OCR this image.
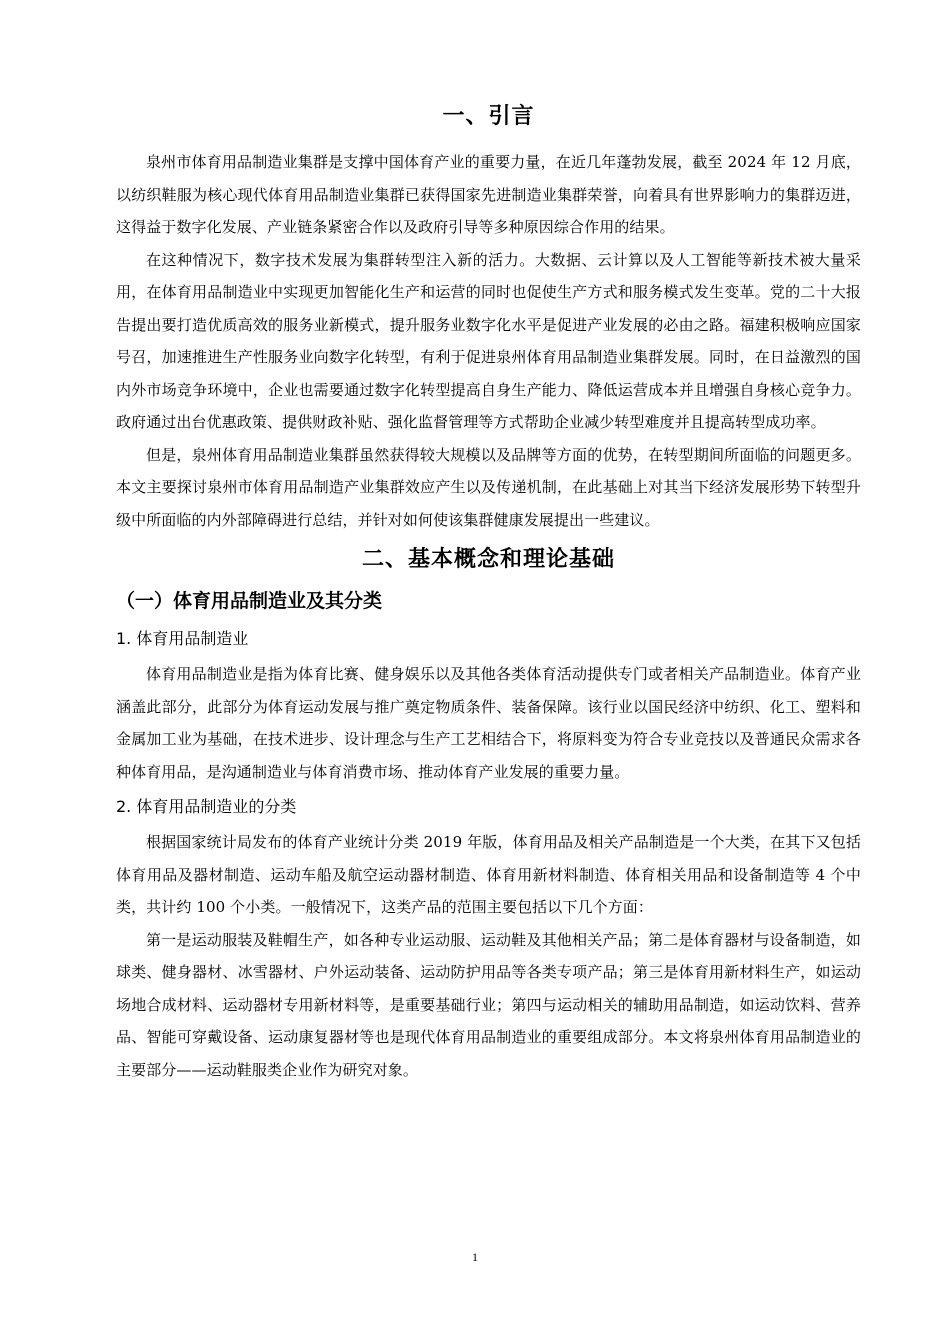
一、引言

泉州市体育用品制造业集群是支撑中国体育产业的重要力量，在近几年蓬勃发展，截至 2024 年 12 月底，以纺织鞋服为核心现代体育用品制造业集群已获得国家先进制造业集群荣誉，向着具有世界影响力的集群迈进，这得益于数字化发展、产业链条紧密合作以及政府引导等多种原因综合作用的结果。

在这种情况下，数字技术发展为集群转型注入新的活力。大数据、云计算以及人工智能等新技术被大量采用，在体育用品制造业中实现更加智能化生产和运营的同时也促使生产方式和服务模式发生变革。党的二十大报告提出要打造优质高效的服务业新模式，提升服务业数字化水平是促进产业发展的必由之路。福建积极响应国家号召，加速推进生产性服务业向数字化转型，有利于促进泉州体育用品制造业集群发展。同时，在日益激烈的国内外市场竞争环境中，企业也需要通过数字化转型提高自身生产能力、降低运营成本并且增强自身核心竞争力。政府通过出台优惠政策、提供财政补贴、强化监督管理等方式帮助企业减少转型难度并且提高转型成功率。

但是，泉州体育用品制造业集群虽然获得较大规模以及品牌等方面的优势，在转型期间所面临的问题更多。本文主要探讨泉州市体育用品制造产业集群效应产生以及传递机制，在此基础上对其当下经济发展形势下转型升级中所面临的内外部障碍进行总结，并针对如何使该集群健康发展提出一些建议。

二、基本概念和理论基础
（一）体育用品制造业及其分类
1. 体育用品制造业

体育用品制造业是指为体育比赛、健身娱乐以及其他各类体育活动提供专门或者相关产品制造业。体育产业涵盖此部分，此部分为体育运动发展与推广奠定物质条件、装备保障。该行业以国民经济中纺织、化工、塑料和金属加工业为基础，在技术进步、设计理念与生产工艺相结合下，将原料变为符合专业竞技以及普通民众需求各种体育用品，是沟通制造业与体育消费市场、推动体育产业发展的重要力量。

2. 体育用品制造业的分类

根据国家统计局发布的体育产业统计分类 2019 年版，体育用品及相关产品制造是一个大类，在其下又包括体育用品及器材制造、运动车船及航空运动器材制造、体育用新材料制造、体育相关用品和设备制造等 4 个中类，共计约 100 个小类。一般情况下，这类产品的范围主要包括以下几个方面：

第一是运动服装及鞋帽生产，如各种专业运动服、运动鞋及其他相关产品；第二是体育器材与设备制造，如球类、健身器材、冰雪器材、户外运动装备、运动防护用品等各类专项产品；第三是体育用新材料生产，如运动场地合成材料、运动器材专用新材料等，是重要基础行业；第四与运动相关的辅助用品制造，如运动饮料、营养品、智能可穿戴设备、运动康复器材等也是现代体育用品制造业的重要组成部分。本文将泉州体育用品制造业的主要部分——运动鞋服类企业作为研究对象。

1
